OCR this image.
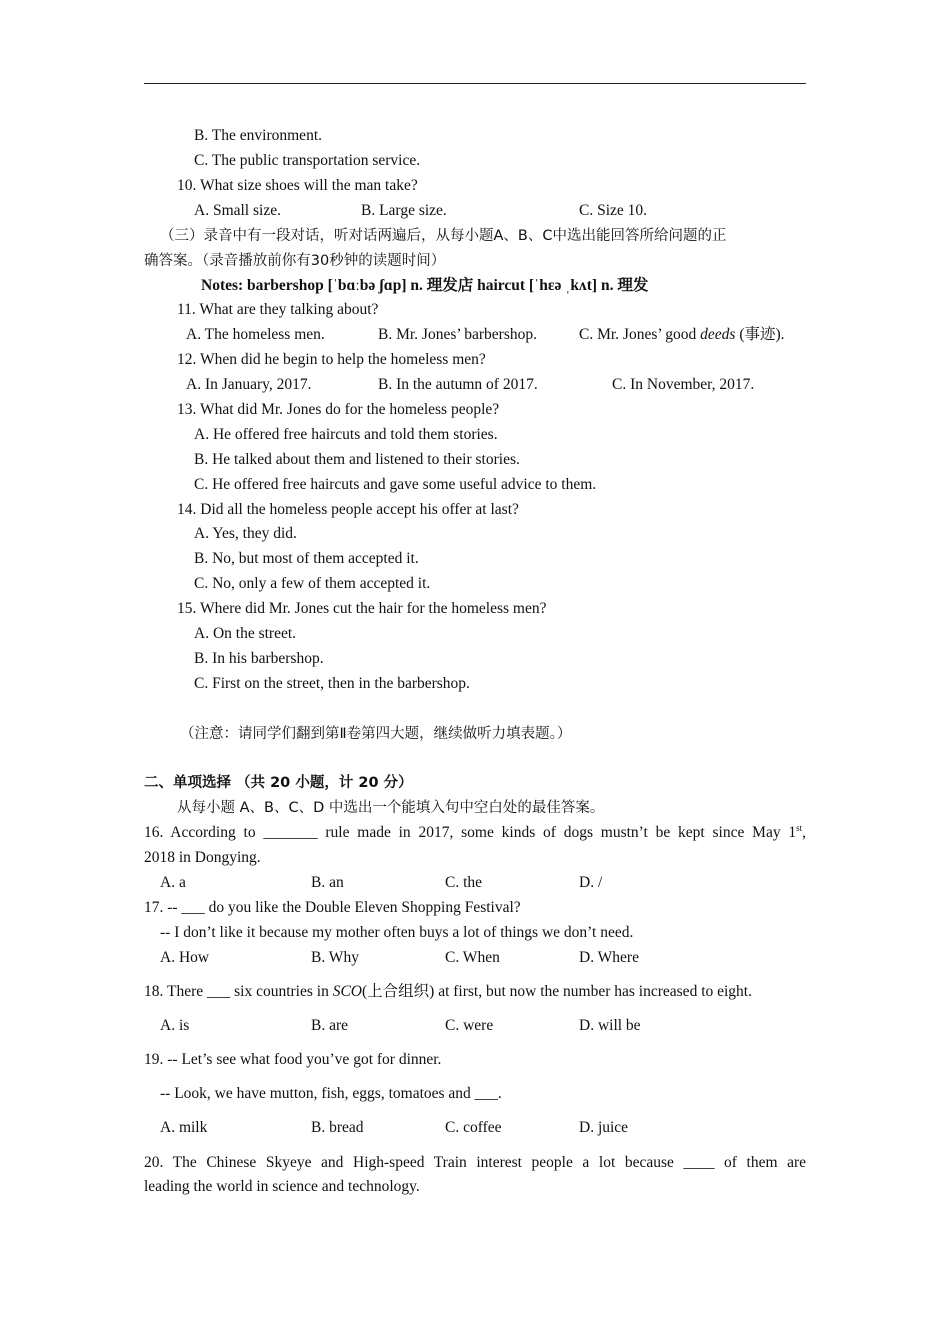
B. The environment.
C. The public transportation service.
10. What size shoes will the man take?
A. Small size.	B. Large size.	C. Size 10.
（三）录音中有一段对话，听对话两遍后，从每小题A、B、C中选出能回答所给问题的正
确答案。（录音播放前你有30秒钟的读题时间）
Notes: barbershop [ˈbɑːbə ʃɑp] n. 理发店 haircut [ˈhɛə ˌkʌt] n. 理发
11. What are they talking about?
A. The homeless men.	B. Mr. Jones’ barbershop.	C. Mr. Jones’ good deeds (事迹).
12. When did he begin to help the homeless men?
A. In January, 2017.	B. In the autumn of 2017.	C. In November, 2017.
13. What did Mr. Jones do for the homeless people?
A. He offered free haircuts and told them stories.
B. He talked about them and listened to their stories.
C. He offered free haircuts and gave some useful advice to them.
14. Did all the homeless people accept his offer at last?
A. Yes, they did.
B. No, but most of them accepted it.
C. No, only a few of them accepted it.
15. Where did Mr. Jones cut the hair for the homeless men?
A. On the street.
B. In his barbershop.
C. First on the street, then in the barbershop.
（注意：请同学们翻到第Ⅱ卷第四大题，继续做听力填表题。）
二、单项选择 （共 20 小题，计 20 分）
从每小题 A、B、C、D 中选出一个能填入句中空白处的最佳答案。
16. According to _______ rule made in 2017, some kinds of dogs mustn’t be kept since May 1st,
2018 in Dongying.
A. a	B. an	C. the	D. /
17. -- ___ do you like the Double Eleven Shopping Festival?
-- I don’t like it because my mother often buys a lot of things we don’t need.
A. How	B. Why	C. When	D. Where
18. There ___ six countries in SCO(上合组织) at first, but now the number has increased to eight.
A. is	B. are	C. were	D. will be
19. -- Let’s see what food you’ve got for dinner.
-- Look, we have mutton, fish, eggs, tomatoes and ___.
A. milk	B. bread	C. coffee	D. juice
20. The Chinese Skyeye and High-speed Train interest people a lot because ____ of them are
leading the world in science and technology.
